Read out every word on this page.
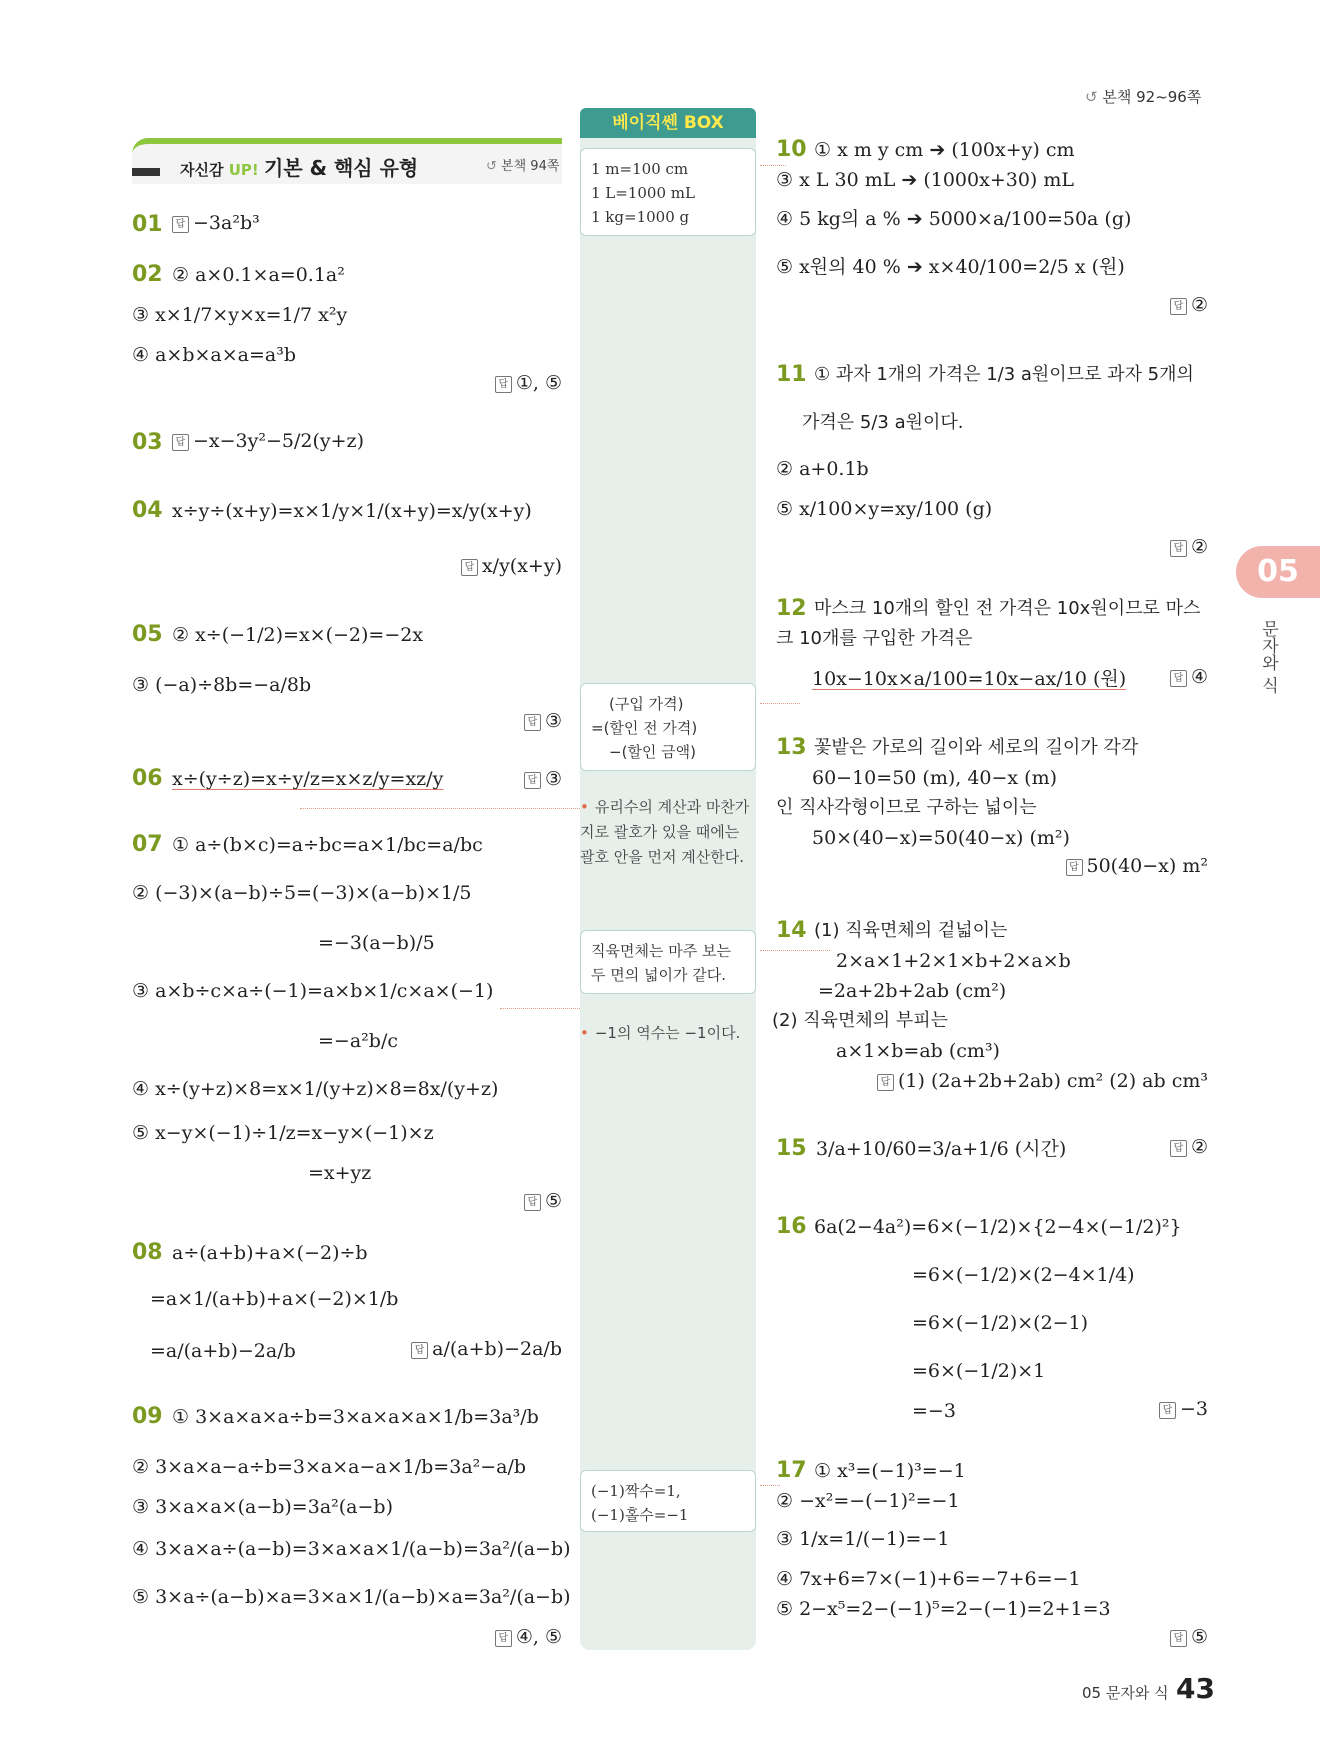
↺ 본책 92~96쪽
자신감 UP! 기본 & 핵심 유형	↺ 본책 94쪽
베이직쎈 BOX
1 m=100 cm
1 L=1000 mL
1 kg=1000 g
(구입 가격)
=(할인 전 가격)
−(할인 금액)
• 유리수의 계산과 마찬가지로 괄호가 있을 때에는 괄호 안을 먼저 계산한다.
직육면체는 마주 보는 두 면의 넓이가 같다.
• −1의 역수는 −1이다.
(−1)짝수=1,
(−1)홀수=−1
01	답 −3a²b³
02 ② a×0.1×a=0.1a²
③ x×1/7×y×x=1/7 x²y
④ a×b×a×a=a³b
답 ①, ⑤
03	답 −x−3y²−5/2(y+z)
04 x÷y÷(x+y)=x×1/y×1/(x+y)=x/y(x+y)
답 x/y(x+y)
05 ② x÷(−1/2)=x×(−2)=−2x
③ (−a)÷8b=−a/8b
답 ③
06 x÷(y÷z)=x÷y/z=x×z/y=xz/y	답 ③
07 ① a÷(b×c)=a÷bc=a×1/bc=a/bc
② (−3)×(a−b)÷5=(−3)×(a−b)×1/5
=−3(a−b)/5
③ a×b÷c×a÷(−1)=a×b×1/c×a×(−1)
=−a²b/c
④ x÷(y+z)×8=x×1/(y+z)×8=8x/(y+z)
⑤ x−y×(−1)÷1/z=x−y×(−1)×z
=x+yz
답 ⑤
08 a÷(a+b)+a×(−2)÷b
=a×1/(a+b)+a×(−2)×1/b
=a/(a+b)−2a/b	답 a/(a+b)−2a/b
09 ① 3×a×a×a÷b=3×a×a×a×1/b=3a³/b
② 3×a×a−a÷b=3×a×a−a×1/b=3a²−a/b
③ 3×a×a×(a−b)=3a²(a−b)
④ 3×a×a÷(a−b)=3×a×a×1/(a−b)=3a²/(a−b)
⑤ 3×a÷(a−b)×a=3×a×1/(a−b)×a=3a²/(a−b)
답 ④, ⑤
10 ① x m y cm ➔ (100x+y) cm
③ x L 30 mL ➔ (1000x+30) mL
④ 5 kg의 a % ➔ 5000×a/100=50a (g)
⑤ x원의 40 % ➔ x×40/100=2/5 x (원)
답 ②
11 ① 과자 1개의 가격은 1/3 a원이므로 과자 5개의
가격은 5/3 a원이다.
② a+0.1b
⑤ x/100×y=xy/100 (g)
답 ②
12 마스크 10개의 할인 전 가격은 10x원이므로 마스
크 10개를 구입한 가격은
10x−10x×a/100=10x−ax/10 (원)	답 ④
13 꽃밭은 가로의 길이와 세로의 길이가 각각
60−10=50 (m), 40−x (m)
인 직사각형이므로 구하는 넓이는
50×(40−x)=50(40−x) (m²)
답 50(40−x) m²
14 (1) 직육면체의 겉넓이는
2×a×1+2×1×b+2×a×b
=2a+2b+2ab (cm²)
(2) 직육면체의 부피는
a×1×b=ab (cm³)
답 (1) (2a+2b+2ab) cm² (2) ab cm³
15 3/a+10/60=3/a+1/6 (시간)	답 ②
16 6a(2−4a²)=6×(−1/2)×{2−4×(−1/2)²}
=6×(−1/2)×(2−4×1/4)
=6×(−1/2)×(2−1)
=6×(−1/2)×1
=−3	답 −3
17 ① x³=(−1)³=−1
② −x²=−(−1)²=−1
③ 1/x=1/(−1)=−1
④ 7x+6=7×(−1)+6=−7+6=−1
⑤ 2−x⁵=2−(−1)⁵=2−(−1)=2+1=3
답 ⑤
05
문자와 식
05 문자와 식 43
